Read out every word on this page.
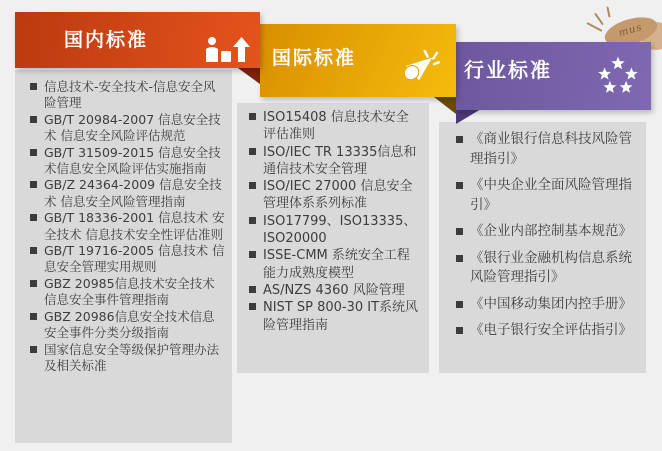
mus
国内标准
信息技术-安全技术-信息安全风险管理
GB/T 20984-2007 信息安全技术 信息安全风险评估规范
GB/T 31509-2015 信息安全技术信息安全风险评估实施指南
GB/Z 24364-2009 信息安全技术 信息安全风险管理指南
GB/T 18336-2001 信息技术 安全技术 信息技术安全性评估准则
GB/T 19716-2005 信息技术 信息安全管理实用规则
GBZ 20985信息技术安全技术信息安全事件管理指南
GBZ 20986信息安全技术信息安全事件分类分级指南
国家信息安全等级保护管理办法及相关标准
国际标准
ISO15408 信息技术安全评估准则
ISO/IEC TR 13335信息和通信技术安全管理
ISO/IEC 27000 信息安全管理体系系列标准
ISO17799、ISO13335、ISO20000
ISSE-CMM 系统安全工程能力成熟度模型
AS/NZS 4360 风险管理
NIST SP 800-30 IT系统风险管理指南
行业标准
《商业银行信息科技风险管理指引》
《中央企业全面风险管理指引》
《企业内部控制基本规范》
《银行业金融机构信息系统风险管理指引》
《中国移动集团内控手册》
《电子银行安全评估指引》
